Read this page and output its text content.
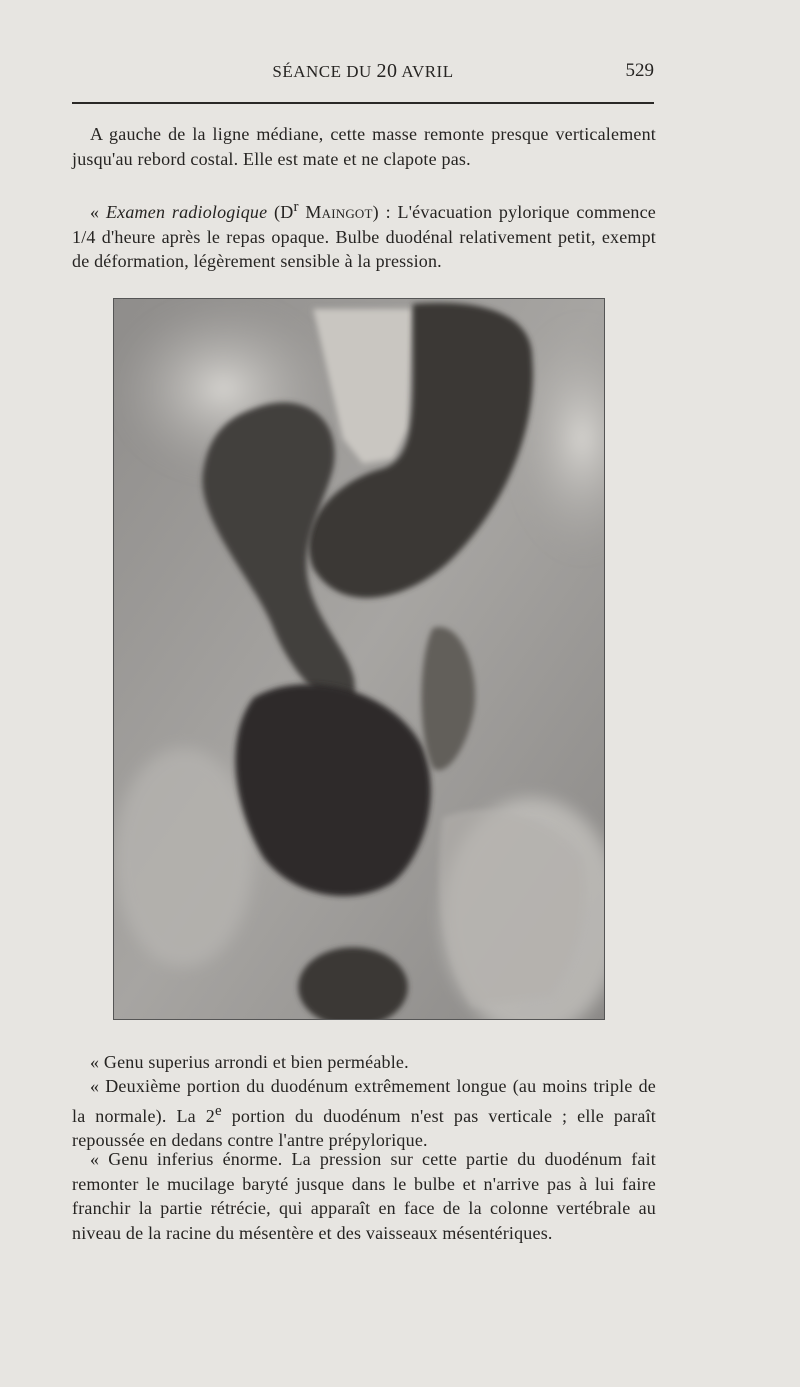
SÉANCE DU 20 AVRIL	529
A gauche de la ligne médiane, cette masse remonte presque verticalement jusqu'au rebord costal. Elle est mate et ne clapote pas.
« Examen radiologique ($D^r$ Maingot) : L'évacuation pylorique commence 1/4 d'heure après le repas opaque. Bulbe duodénal relativement petit, exempt de déformation, légèrement sensible à la pression.
« Genu superius arrondi et bien perméable.
« Deuxième portion du duodénum extrêmement longue (au moins triple de la normale). La 2e portion du duodénum n'est pas verticale ; elle paraît repoussée en dedans contre l'antre prépylorique.
« Genu inferius énorme. La pression sur cette partie du duodénum fait remonter le mucilage baryté jusque dans le bulbe et n'arrive pas à lui faire franchir la partie rétrécie, qui apparaît en face de la colonne vertébrale au niveau de la racine du mésentère et des vaisseaux mésentériques.
